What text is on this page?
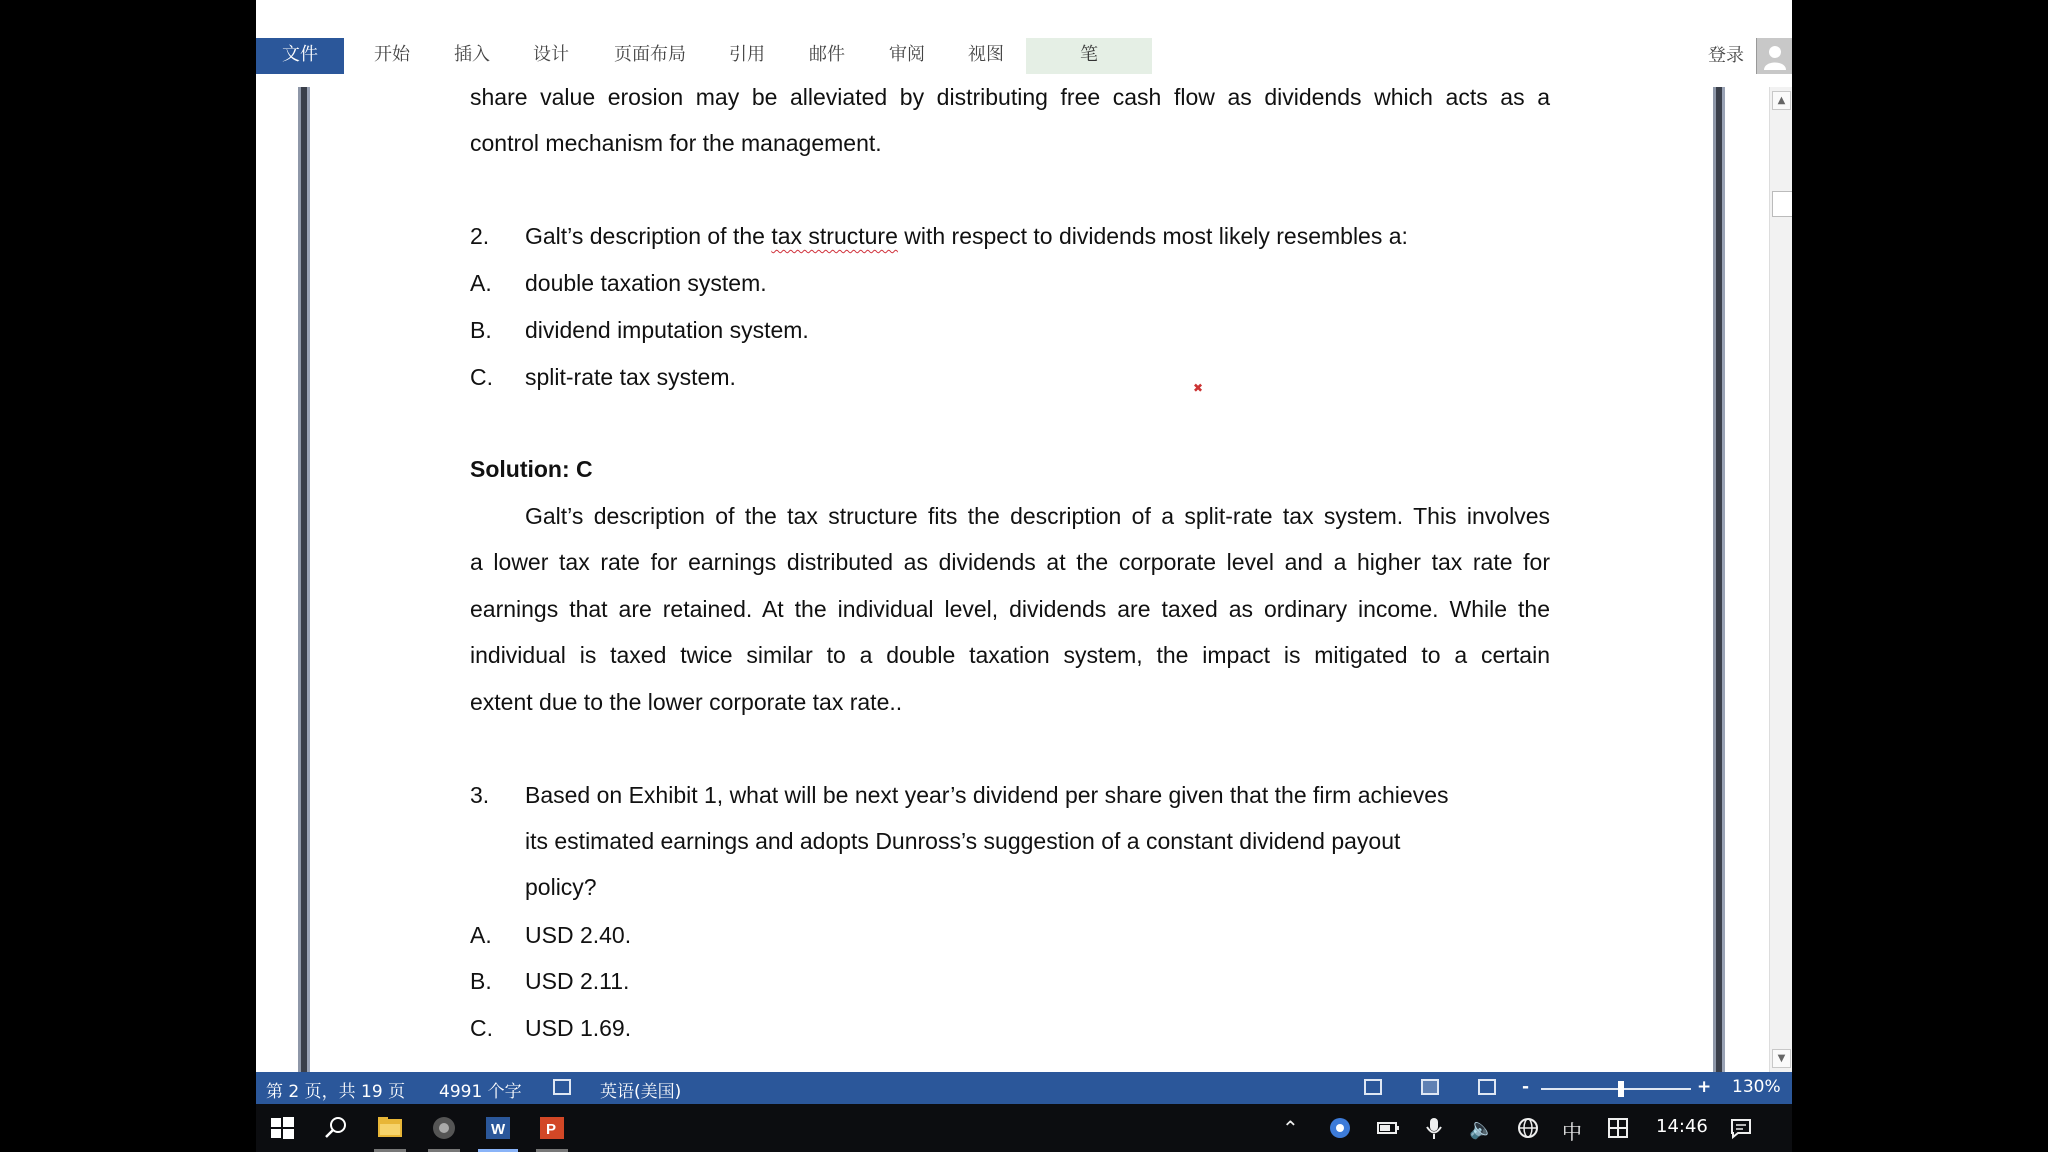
文件	开始	插入	设计	页面布局	引用	邮件	审阅	视图	笔	登录
▲
▼
share value erosion may be alleviated by distributing free cash flow as dividends which acts as a
control mechanism for the management.
2. Galt’s description of the tax structure with respect to dividends most likely resembles a:
A. double taxation system.
B. dividend imputation system.
C. split-rate tax system.
Solution: C
Galt’s description of the tax structure fits the description of a split-rate tax system. This involves
a lower tax rate for earnings distributed as dividends at the corporate level and a higher tax rate for
earnings that are retained. At the individual level, dividends are taxed as ordinary income. While the
individual is taxed twice similar to a double taxation system, the impact is mitigated to a certain
extent due to the lower corporate tax rate..
3. Based on Exhibit 1, what will be next year’s dividend per share given that the firm achieves
its estimated earnings and adopts Dunross’s suggestion of a constant dividend payout
policy?
A. USD 2.40.
B. USD 2.11.
C. USD 1.69.
✖
第 2 页，共 19 页 4991 个字	英语(美国)	-	+ 130%
W	P	⌃	🔈	中	14:46
